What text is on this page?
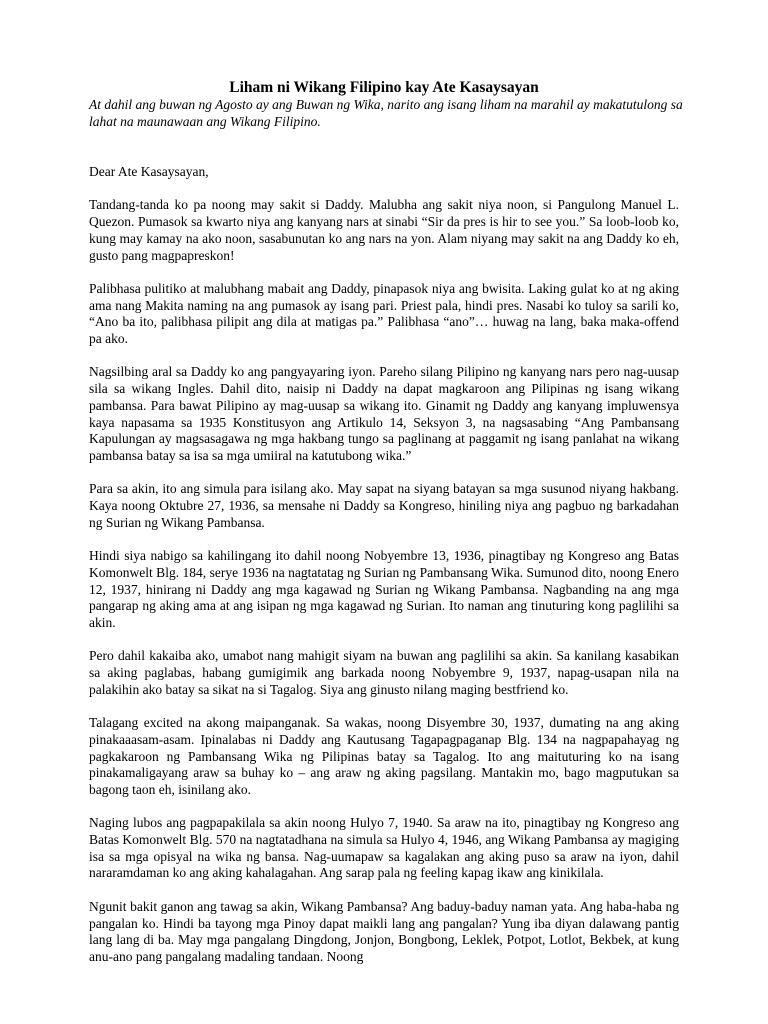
Liham ni Wikang Filipino kay Ate Kasaysayan

At dahil ang buwan ng Agosto ay ang Buwan ng Wika, narito ang isang liham na marahil ay makatutulong sa lahat na maunawaan ang Wikang Filipino.

Dear Ate Kasaysayan,

Tandang-tanda ko pa noong may sakit si Daddy. Malubha ang sakit niya noon, si Pangulong Manuel L. Quezon. Pumasok sa kwarto niya ang kanyang nars at sinabi “Sir da pres is hir to see you.” Sa loob-loob ko, kung may kamay na ako noon, sasabunutan ko ang nars na yon. Alam niyang may sakit na ang Daddy ko eh, gusto pang magpapreskon!

Palibhasa pulitiko at malubhang mabait ang Daddy, pinapasok niya ang bwisita. Laking gulat ko at ng aking ama nang Makita naming na ang pumasok ay isang pari. Priest pala, hindi pres. Nasabi ko tuloy sa sarili ko, “Ano ba ito, palibhasa pilipit ang dila at matigas pa.” Palibhasa “ano”… huwag na lang, baka maka-offend pa ako.

Nagsilbing aral sa Daddy ko ang pangyayaring iyon. Pareho silang Pilipino ng kanyang nars pero nag-uusap sila sa wikang Ingles. Dahil dito, naisip ni Daddy na dapat magkaroon ang Pilipinas ng isang wikang pambansa. Para bawat Pilipino ay mag-uusap sa wikang ito. Ginamit ng Daddy ang kanyang impluwensya kaya napasama sa 1935 Konstitusyon ang Artikulo 14, Seksyon 3, na nagsasabing “Ang Pambansang Kapulungan ay magsasagawa ng mga hakbang tungo sa paglinang at paggamit ng isang panlahat na wikang pambansa batay sa isa sa mga umiiral na katutubong wika.”

Para sa akin, ito ang simula para isilang ako. May sapat na siyang batayan sa mga susunod niyang hakbang. Kaya noong Oktubre 27, 1936, sa mensahe ni Daddy sa Kongreso, hiniling niya ang pagbuo ng barkadahan ng Surian ng Wikang Pambansa.

Hindi siya nabigo sa kahilingang ito dahil noong Nobyembre 13, 1936, pinagtibay ng Kongreso ang Batas Komonwelt Blg. 184, serye 1936 na nagtatatag ng Surian ng Pambansang Wika. Sumunod dito, noong Enero 12, 1937, hinirang ni Daddy ang mga kagawad ng Surian ng Wikang Pambansa. Nagbanding na ang mga pangarap ng aking ama at ang isipan ng mga kagawad ng Surian. Ito naman ang tinuturing kong paglilihi sa akin.

Pero dahil kakaiba ako, umabot nang mahigit siyam na buwan ang paglilihi sa akin. Sa kanilang kasabikan sa aking paglabas, habang gumigimik ang barkada noong Nobyembre 9, 1937, napag-usapan nila na palakihin ako batay sa sikat na si Tagalog. Siya ang ginusto nilang maging bestfriend ko.

Talagang excited na akong maipanganak. Sa wakas, noong Disyembre 30, 1937, dumating na ang aking pinakaaasam-asam. Ipinalabas ni Daddy ang Kautusang Tagapagpaganap Blg. 134 na nagpapahayag ng pagkakaroon ng Pambansang Wika ng Pilipinas batay sa Tagalog. Ito ang maituturing ko na isang pinakamaligayang araw sa buhay ko – ang araw ng aking pagsilang. Mantakin mo, bago magputukan sa bagong taon eh, isinilang ako.

Naging lubos ang pagpapakilala sa akin noong Hulyo 7, 1940. Sa araw na ito, pinagtibay ng Kongreso ang Batas Komonwelt Blg. 570 na nagtatadhana na simula sa Hulyo 4, 1946, ang Wikang Pambansa ay magiging isa sa mga opisyal na wika ng bansa. Nag-uumapaw sa kagalakan ang aking puso sa araw na iyon, dahil nararamdaman ko ang aking kahalagahan. Ang sarap pala ng feeling kapag ikaw ang kinikilala.

Ngunit bakit ganon ang tawag sa akin, Wikang Pambansa? Ang baduy-baduy naman yata. Ang haba-haba ng pangalan ko. Hindi ba tayong mga Pinoy dapat maikli lang ang pangalan? Yung iba diyan dalawang pantig lang lang di ba. May mga pangalang Dingdong, Jonjon, Bongbong, Leklek, Potpot, Lotlot, Bekbek, at kung anu-ano pang pangalang madaling tandaan. Noong
